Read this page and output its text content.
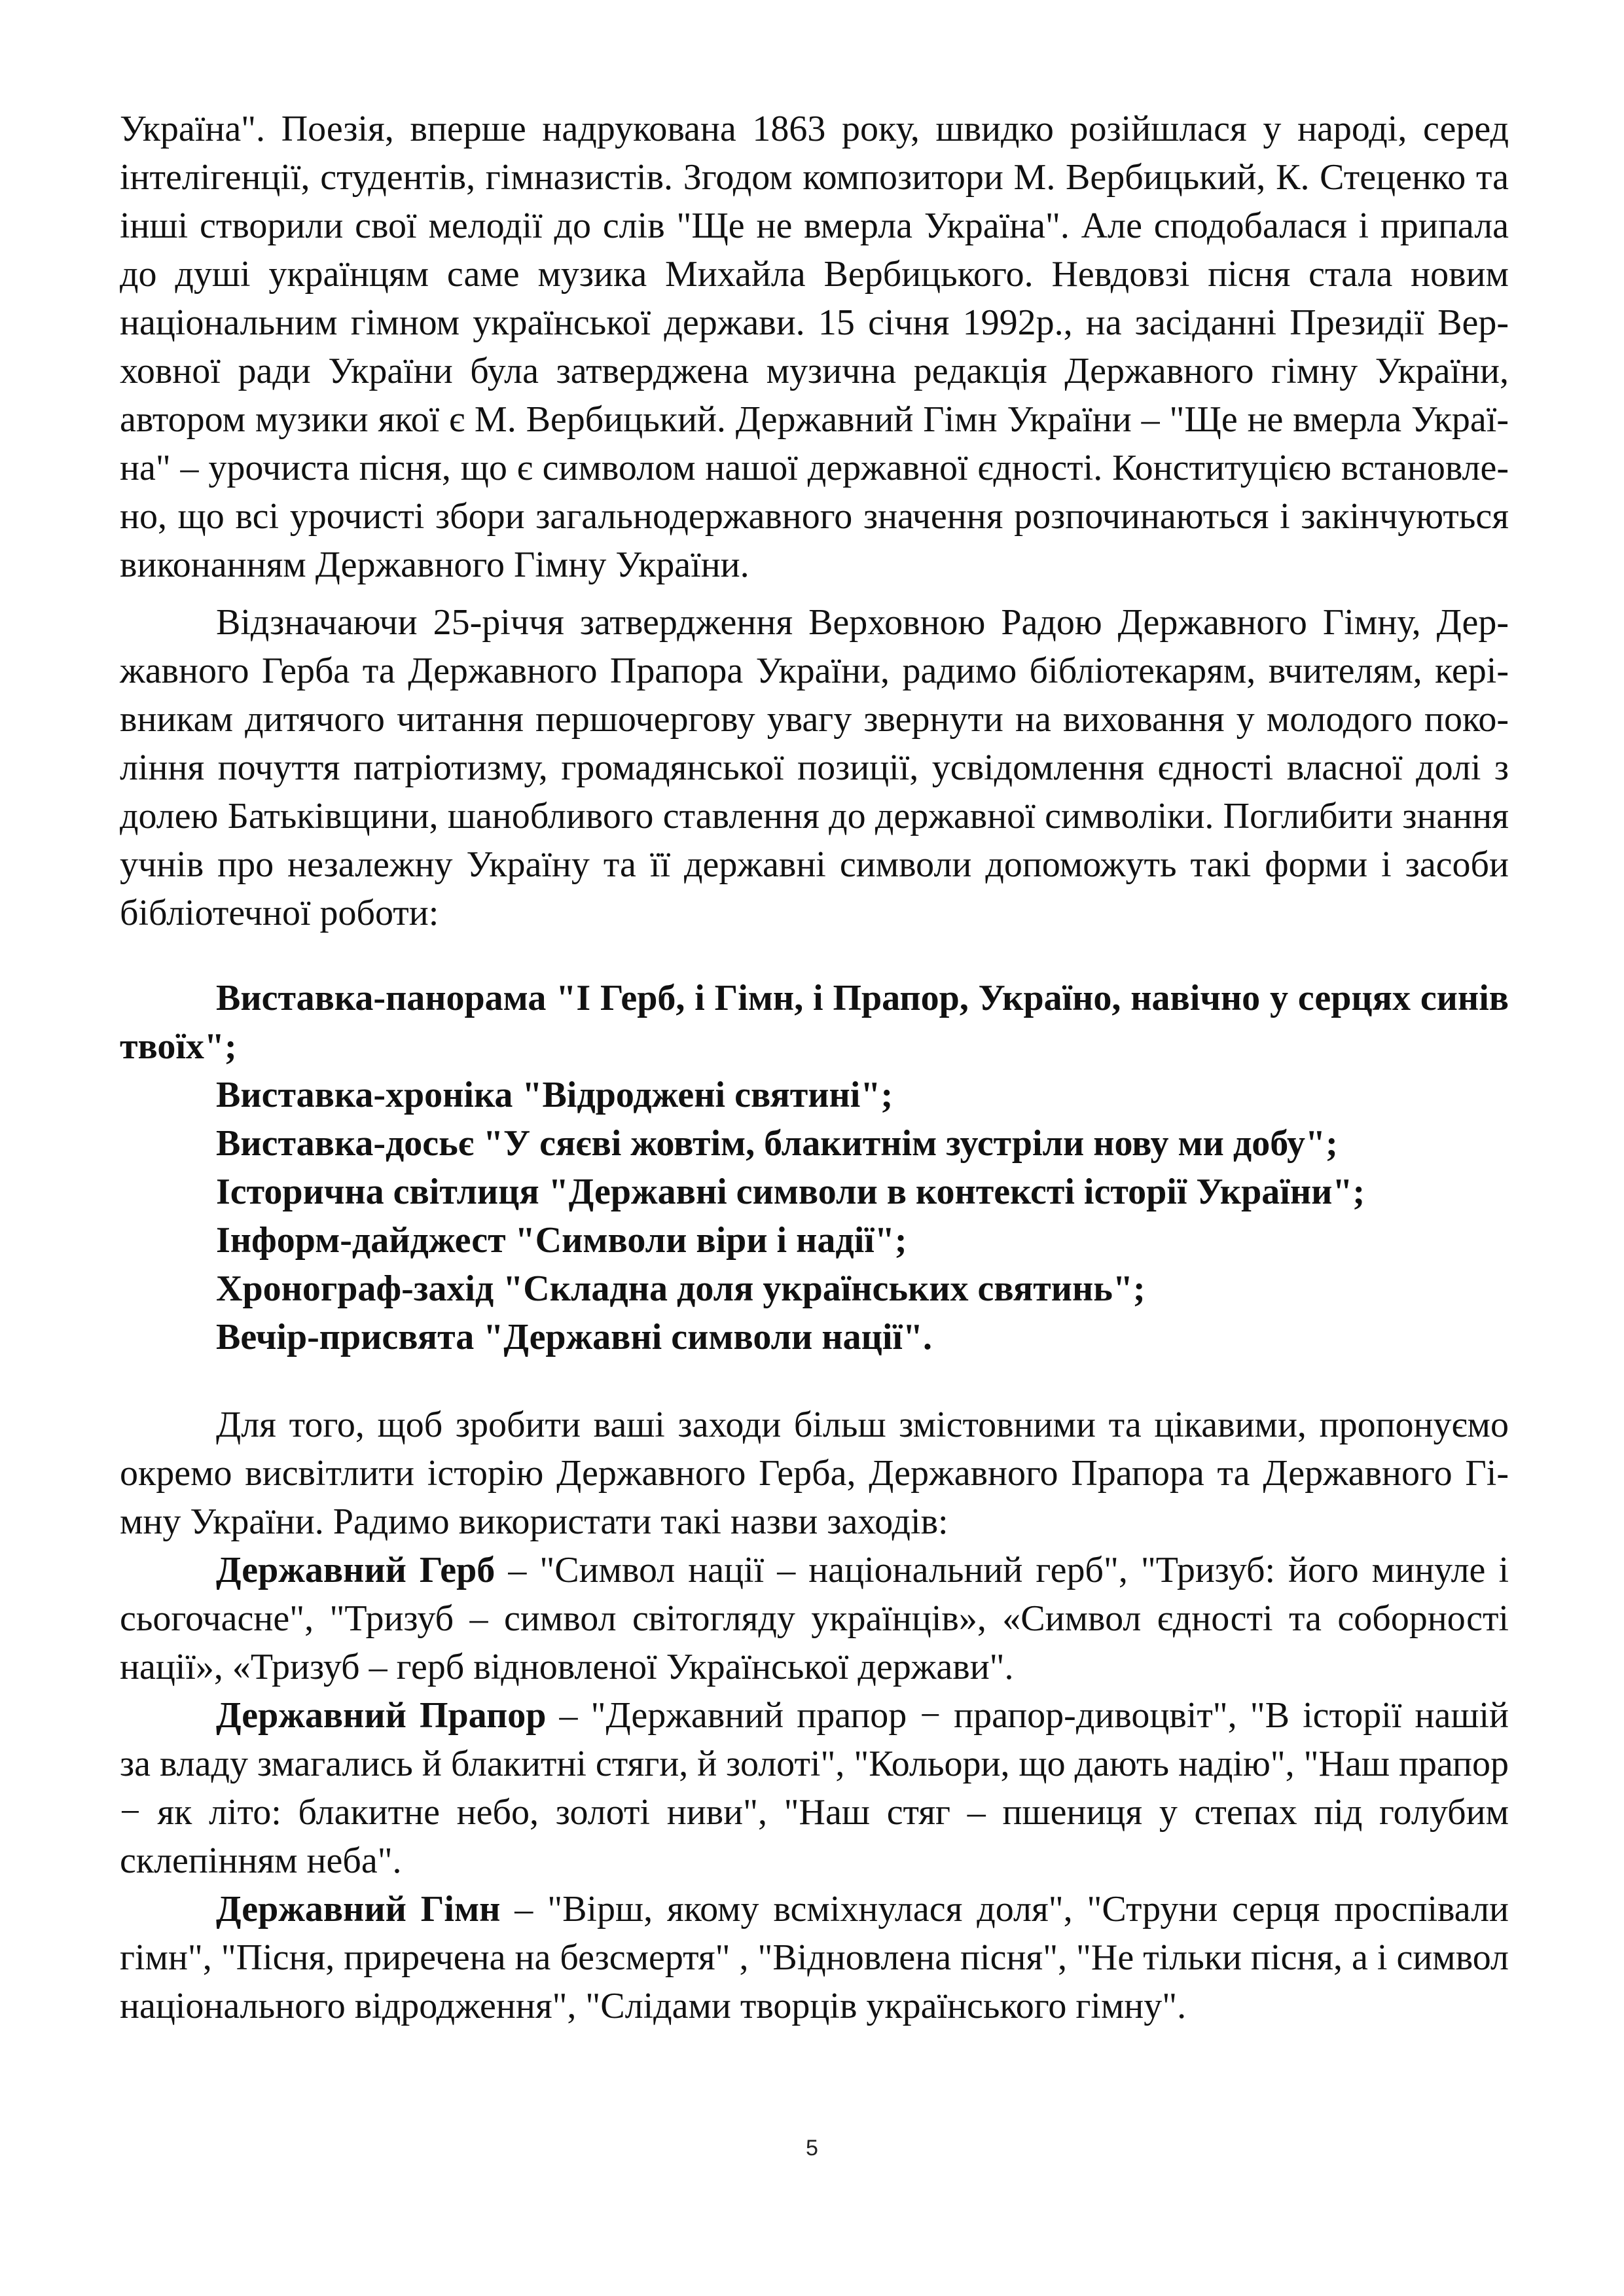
Україна". Поезія, вперше надрукована 1863 року, швидко розійшлася у народі, серед інтелігенції, студентів, гімназистів. Згодом композитори М. Вербицький, К. Стеценко та інші створили свої мелодії до слів "Ще не вмерла Україна". Але сподобалася і припала до душі українцям саме музика Михайла Вербицького. Невдовзі пісня стала новим національним гімном української держави. 15 січня 1992р., на засіданні Президії Верховної ради України була затверджена музична редакція Державного гімну України, автором музики якої є М. Вербицький. Державний Гімн України – "Ще не вмерла Україна" – урочиста пісня, що є символом нашої державної єдності. Конституцією встановлено, що всі урочисті збори загальнодержавного значення розпочинаються і закінчуються виконанням Державного Гімну України.

Відзначаючи 25-річчя затвердження Верховною Радою Державного Гімну, Державного Герба та Державного Прапора України, радимо бібліотекарям, вчителям, керівникам дитячого читання першочергову увагу звернути на виховання у молодого покоління почуття патріотизму, громадянської позиції, усвідомлення єдності власної долі з долею Батьківщини, шанобливого ставлення до державної символіки. Поглибити знання учнів про незалежну Україну та її державні символи допоможуть такі форми і засоби бібліотечної роботи:

Виставка-панорама "І Герб, і Гімн, і Прапор, Україно, навічно у серцях синів твоїх";

Виставка-хроніка "Відроджені святині";

Виставка-досьє "У сяєві жовтім, блакитнім зустріли нову ми добу";

Історична світлиця "Державні символи в контексті історії України";

Інформ-дайджест "Символи віри і надії";

Хронограф-захід "Складна доля українських святинь";

Вечір-присвята "Державні символи нації".

Для того, щоб зробити ваші заходи більш змістовними та цікавими, пропонуємо окремо висвітлити історію Державного Герба, Державного Прапора та Державного Гімну України. Радимо використати такі назви заходів:

Державний Герб – "Символ нації – національний герб", "Тризуб: його минуле і сьогочасне", "Тризуб – символ світогляду українців», «Символ єдності та соборності нації», «Тризуб – герб відновленої Української держави".

Державний Прапор – "Державний прапор − прапор-дивоцвіт", "В історії нашій за владу змагались й блакитні стяги, й золоті", "Кольори, що дають надію", "Наш прапор − як літо: блакитне небо, золоті ниви", "Наш стяг – пшениця у степах під голубим склепінням неба".

Державний Гімн – "Вірш, якому всміхнулася доля", "Струни серця проспівали гімн", "Пісня, приречена на безсмертя" , "Відновлена пісня", "Не тільки пісня, а і символ національного відродження", "Слідами творців українського гімну".

5
